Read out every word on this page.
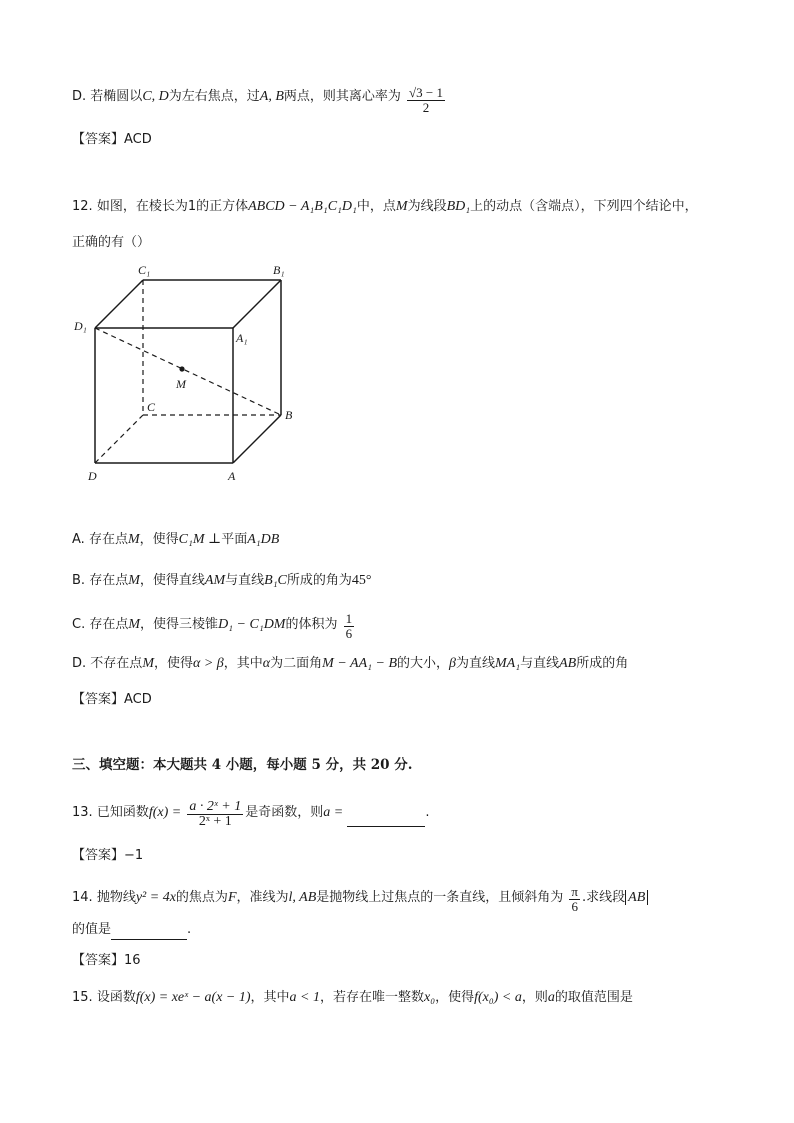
D. 若椭圆以C, D为左右焦点，过A, B两点，则其离心率为 $\frac{√3 - 1}{2}$
【答案】ACD
12. 如图，在棱长为1的正方体ABCD − A₁B₁C₁D₁中，点M为线段BD₁上的动点（含端点），下列四个结论中，
正确的有（）
C₁	B₁
D₁
A₁
M
C
B
D	A
A. 存在点M，使得C₁M ⊥平面A₁DB
B. 存在点M，使得直线AM与直线B₁C所成的角为45°
C. 存在点M，使得三棱锥D₁ − C₁DM的体积为 $\frac{1}{6}$
D. 不存在点M，使得α > β，其中α为二面角M − AA₁ − B的大小，β为直线MA₁与直线AB所成的角
【答案】ACD
三、填空题：本大题共 4 小题，每小题 5 分，共 20 分.
13. 已知函数$f(x) = \frac{\text{a · 2ˣ + 1}}{\text{2ˣ + 1}}$ 是奇函数，则a =	.
【答案】−1
14. 抛物线y² = 4x的焦点为F，准线为l, AB是抛物线上过焦点的一条直线，且倾斜角为 $\frac{\pi}{6}$ .求线段 AB
的值是	.
【答案】16
15. 设函数f(x) = xeˣ − a(x − 1)，其中a < 1，若存在唯一整数x₀，使得f(x₀) < a，则a的取值范围是
